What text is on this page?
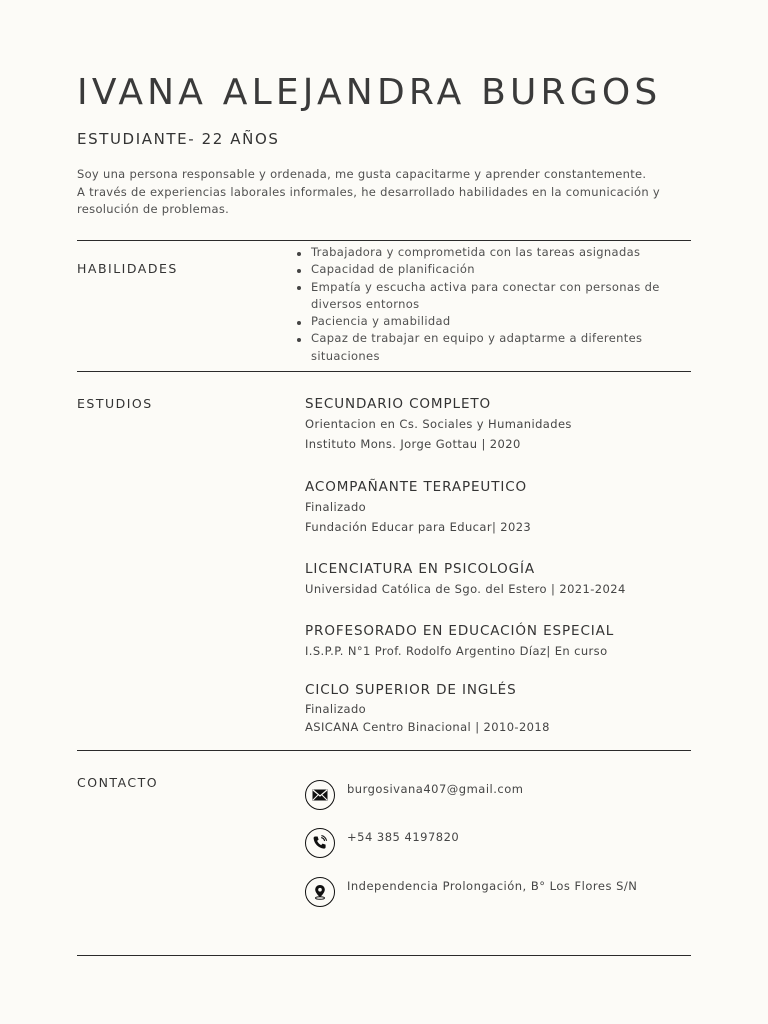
IVANA ALEJANDRA BURGOS
ESTUDIANTE- 22 AÑOS
Soy una persona responsable y ordenada, me gusta capacitarme y aprender constantemente.
A través de experiencias laborales informales, he desarrollado habilidades en la comunicación y
resolución de problemas.
HABILIDADES
Trabajadora y comprometida con las tareas asignadas
Capacidad de planificación
Empatía y escucha activa para conectar con personas de diversos entornos
Paciencia y amabilidad
Capaz de trabajar en equipo y adaptarme a diferentes situaciones
ESTUDIOS	SECUNDARIO COMPLETO
Orientacion en Cs. Sociales y Humanidades
Instituto Mons. Jorge Gottau | 2020
ACOMPAÑANTE TERAPEUTICO
Finalizado
Fundación Educar para Educar| 2023
LICENCIATURA EN PSICOLOGÍA
Universidad Católica de Sgo. del Estero | 2021-2024
PROFESORADO EN EDUCACIÓN ESPECIAL
I.S.P.P. N°1 Prof. Rodolfo Argentino Díaz| En curso
CICLO SUPERIOR DE INGLÉS
Finalizado
ASICANA Centro Binacional | 2010-2018
CONTACTO	burgosivana407@gmail.com
+54 385 4197820
Independencia Prolongación, B° Los Flores S/N
